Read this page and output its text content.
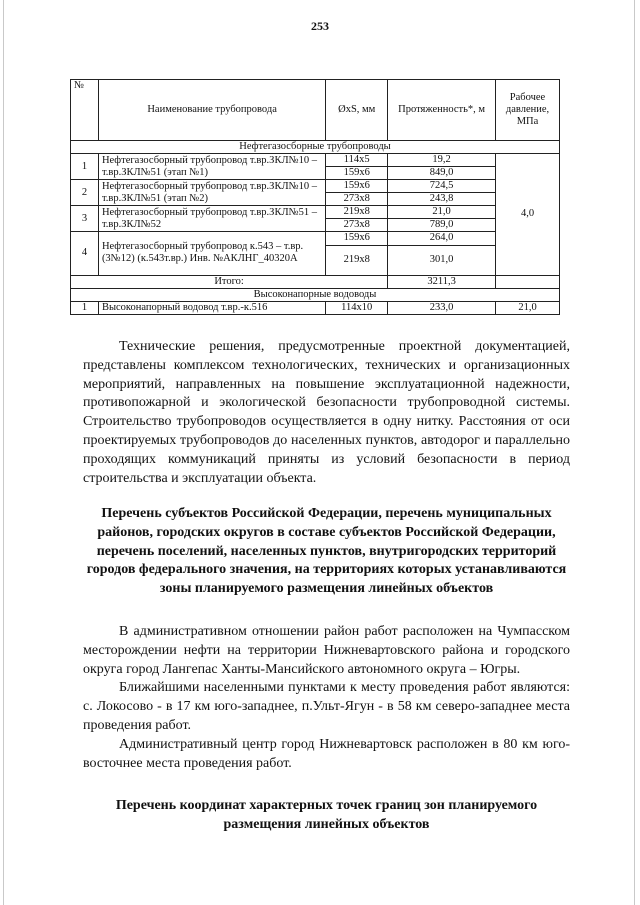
253
№	Наименование трубопровода	ØxS, мм	Протяженность*, м	Рабочее давление, МПа
Нефтегазосборные трубопроводы				
1	Нефтегазосборный трубопровод т.вр.ЗКЛ№10 – т.вр.ЗКЛ№51 (этап №1)	114x5	19,2	4,0
		159x6	849,0	
2	Нефтегазосборный трубопровод т.вр.ЗКЛ№10 – т.вр.ЗКЛ№51 (этап №2)	159x6	724,5	
		273x8	243,8	
3	Нефтегазосборный трубопровод т.вр.ЗКЛ№51 – т.вр.ЗКЛ№52	219x8	21,0	
		273x8	789,0	
4	Нефтегазосборный трубопровод к.543 – т.вр.(3№12) (к.543т.вр.) Инв. №АКЛНГ_40320А	159x6	264,0	
		219x8	301,0	
Итого:			3211,3	
Высоконапорные водоводы				
1	Высоконапорный водовод т.вр.-к.516	114x10	233,0	21,0

Технические решения, предусмотренные проектной документацией, представлены комплексом технологических, технических и организационных мероприятий, направленных на повышение эксплуатационной надежности, противопожарной и экологической безопасности трубопроводной системы. Строительство трубопроводов осуществляется в одну нитку. Расстояния от оси проектируемых трубопроводов до населенных пунктов, автодорог и параллельно проходящих коммуникаций приняты из условий безопасности в период строительства и эксплуатации объекта.

Перечень субъектов Российской Федерации, перечень муниципальных районов, городских округов в составе субъектов Российской Федерации, перечень поселений, населенных пунктов, внутригородских территорий городов федерального значения, на территориях которых устанавливаются зоны планируемого размещения линейных объектов

В административном отношении район работ расположен на Чумпасском месторождении нефти на территории Нижневартовского района и городского округа город Лангепас Ханты-Мансийского автономного округа – Югры.

Ближайшими населенными пунктами к месту проведения работ являются: с. Локосово - в 17 км юго-западнее, п.Ульт-Ягун - в 58 км северо-западнее места проведения работ.

Административный центр город Нижневартовск расположен в 80 км юго-восточнее места проведения работ.

Перечень координат характерных точек границ зон планируемого размещения линейных объектов
